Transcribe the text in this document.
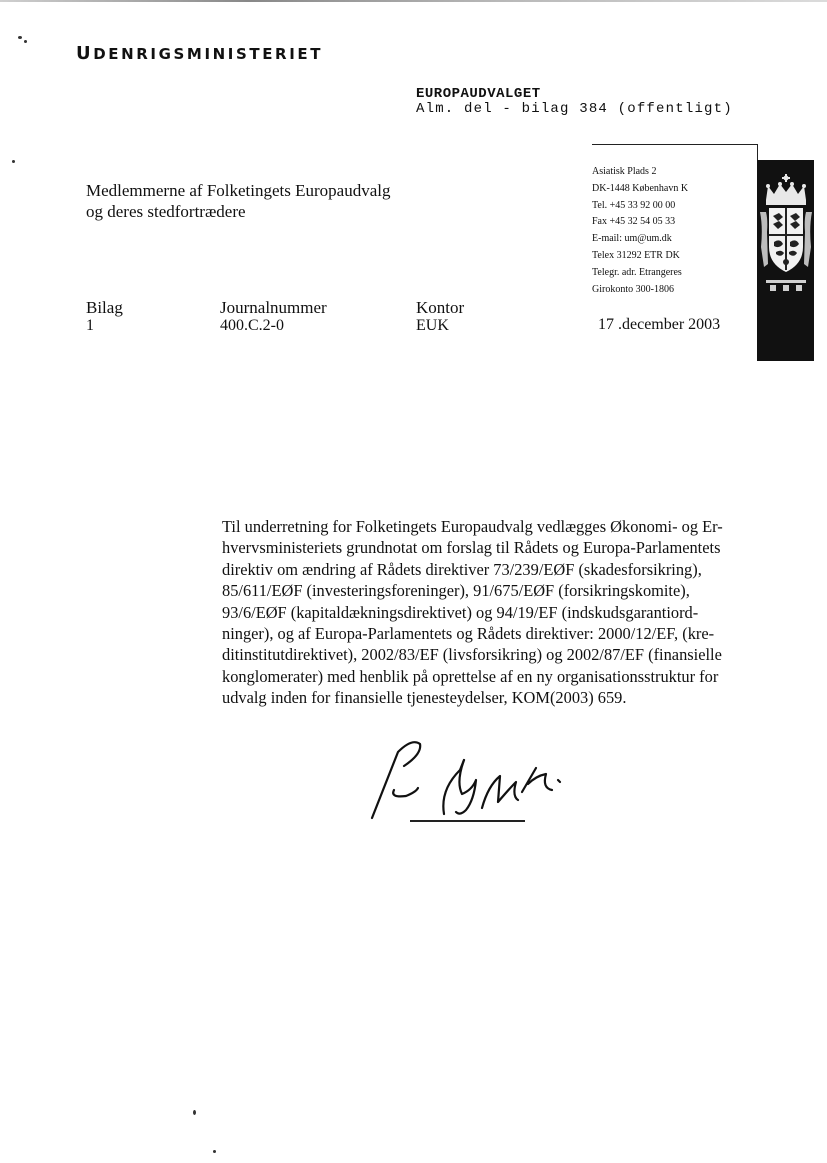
UDENRIGSMINISTERIET
EUROPAUDVALGET
Alm. del - bilag 384 (offentligt)
Medlemmerne af Folketingets Europaudvalg
og deres stedfortrædere
Asiatisk Plads 2
DK-1448 København K
Tel. +45 33 92 00 00
Fax +45 32 54 05 33
E-mail: um@um.dk
Telex 31292 ETR DK
Telegr. adr. Etrangeres
Girokonto 300-1806
Bilag
1
Journalnummer
400.C.2-0
Kontor
EUK	17 .december 2003
Til underretning for Folketingets Europaudvalg vedlægges Økonomi- og Er-
hvervsministeriets grundnotat om forslag til Rådets og Europa-Parlamentets
direktiv om ændring af Rådets direktiver 73/239/EØF (skadesforsikring),
85/611/EØF (investeringsforeninger), 91/675/EØF (forsikringskomite),
93/6/EØF (kapitaldækningsdirektivet) og 94/19/EF (indskudsgarantiord-
ninger), og af Europa-Parlamentets og Rådets direktiver: 2000/12/EF, (kre-
ditinstitutdirektivet), 2002/83/EF (livsforsikring) og 2002/87/EF (finansielle
konglomerater) med henblik på oprettelse af en ny organisationsstruktur for
udvalg inden for finansielle tjenesteydelser, KOM(2003) 659.
